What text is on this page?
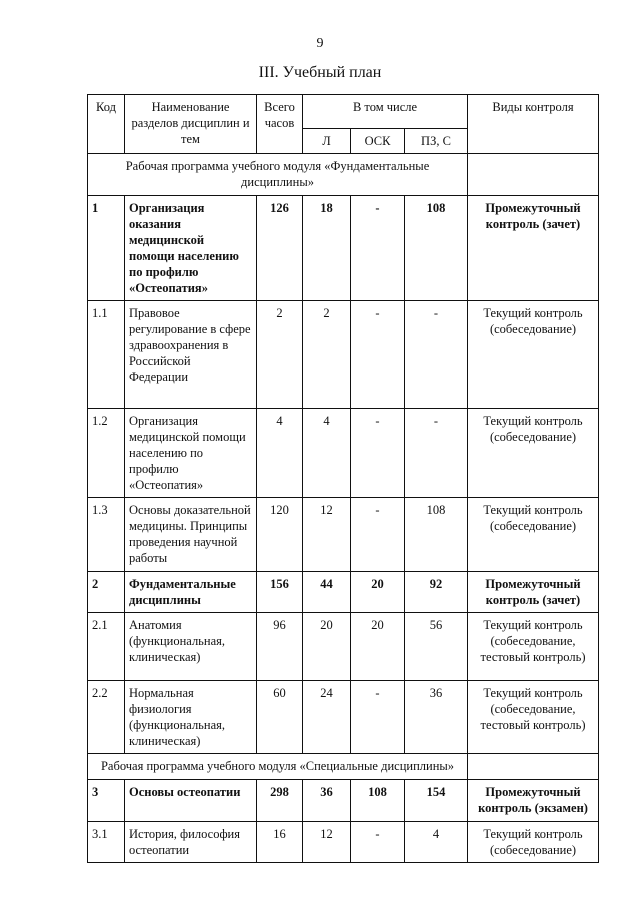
9
III. Учебный план
Код	Наименование разделов дисциплин и тем	Всего часов	В том числе			Виды контроля
			Л	ОСК	ПЗ, С	
Рабочая программа учебного модуля «Фундаментальные дисциплины»						
1	Организация оказания медицинской помощи населению по профилю «Остеопатия»	126	18	-	108	Промежуточный контроль (зачет)
1.1	Правовое регулирование в сфере здравоохранения в Российской Федерации	2	2	-	-	Текущий контроль (собеседование)
1.2	Организация медицинской помощи населению по профилю «Остеопатия»	4	4	-	-	Текущий контроль (собеседование)
1.3	Основы доказательной медицины. Принципы проведения научной работы	120	12	-	108	Текущий контроль (собеседование)
2	Фундаментальные дисциплины	156	44	20	92	Промежуточный контроль (зачет)
2.1	Анатомия (функциональная, клиническая)	96	20	20	56	Текущий контроль (собеседование, тестовый контроль)
2.2	Нормальная физиология (функциональная, клиническая)	60	24	-	36	Текущий контроль (собеседование, тестовый контроль)
Рабочая программа учебного модуля «Специальные дисциплины»						
3	Основы остеопатии	298	36	108	154	Промежуточный контроль (экзамен)
3.1	История, философия остеопатии	16	12	-	4	Текущий контроль (собеседование)
